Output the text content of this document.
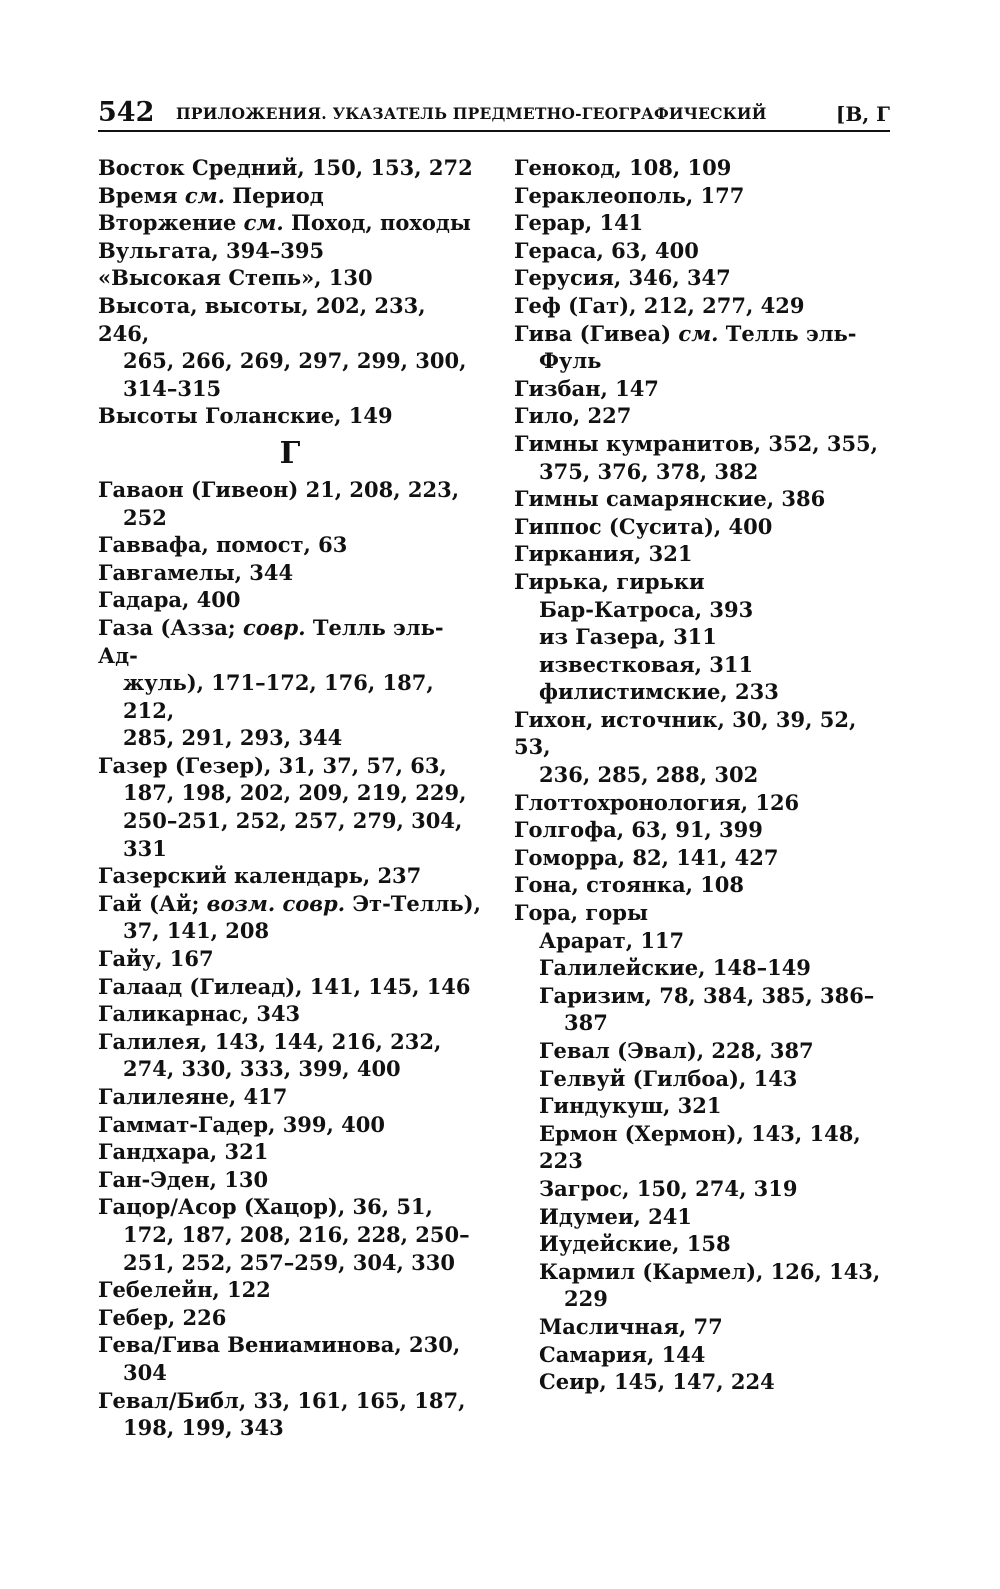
542 ПРИЛОЖЕНИЯ. УКАЗАТЕЛЬ ПРЕДМЕТНО-ГЕОГРАФИЧЕСКИЙ	[В, Г
Восток Средний, 150, 153, 272
Время см. Период
Вторжение см. Поход, походы
Вульгата, 394–395
«Высокая Степь», 130
Высота, высоты, 202, 233, 246,
265, 266, 269, 297, 299, 300,
314–315
Высоты Голанские, 149
Г
Гаваон (Гивеон) 21, 208, 223,
252
Гаввафа, помост, 63
Гавгамелы, 344
Гадара, 400
Газа (Азза; совр. Телль эль-Ад-
жуль), 171–172, 176, 187, 212,
285, 291, 293, 344
Газер (Гезер), 31, 37, 57, 63,
187, 198, 202, 209, 219, 229,
250–251, 252, 257, 279, 304,
331
Газерский календарь, 237
Гай (Ай; возм. совр. Эт-Телль),
37, 141, 208
Гайу, 167
Галаад (Гилеад), 141, 145, 146
Галикарнас, 343
Галилея, 143, 144, 216, 232,
274, 330, 333, 399, 400
Галилеяне, 417
Гаммат-Гадер, 399, 400
Гандхара, 321
Ган-Эден, 130
Гацор/Асор (Хацор), 36, 51,
172, 187, 208, 216, 228, 250–
251, 252, 257–259, 304, 330
Гебелейн, 122
Гебер, 226
Гева/Гива Вениаминова, 230,
304
Гевал/Библ, 33, 161, 165, 187,
198, 199, 343
Генокод, 108, 109
Гераклеополь, 177
Герар, 141
Гераса, 63, 400
Герусия, 346, 347
Геф (Гат), 212, 277, 429
Гива (Гивеа) см. Телль эль-
Фуль
Гизбан, 147
Гило, 227
Гимны кумранитов, 352, 355,
375, 376, 378, 382
Гимны самарянские, 386
Гиппос (Сусита), 400
Гиркания, 321
Гирька, гирьки
Бар-Катроса, 393
из Газера, 311
известковая, 311
филистимские, 233
Гихон, источник, 30, 39, 52, 53,
236, 285, 288, 302
Глоттохронология, 126
Голгофа, 63, 91, 399
Гоморра, 82, 141, 427
Гона, стоянка, 108
Гора, горы
Арарат, 117
Галилейские, 148–149
Гаризим, 78, 384, 385, 386–
387
Гевал (Эвал), 228, 387
Гелвуй (Гилбоа), 143
Гиндукуш, 321
Ермон (Хермон), 143, 148, 223
Загрос, 150, 274, 319
Идумеи, 241
Иудейские, 158
Кармил (Кармел), 126, 143,
229
Масличная, 77
Самария, 144
Сеир, 145, 147, 224
